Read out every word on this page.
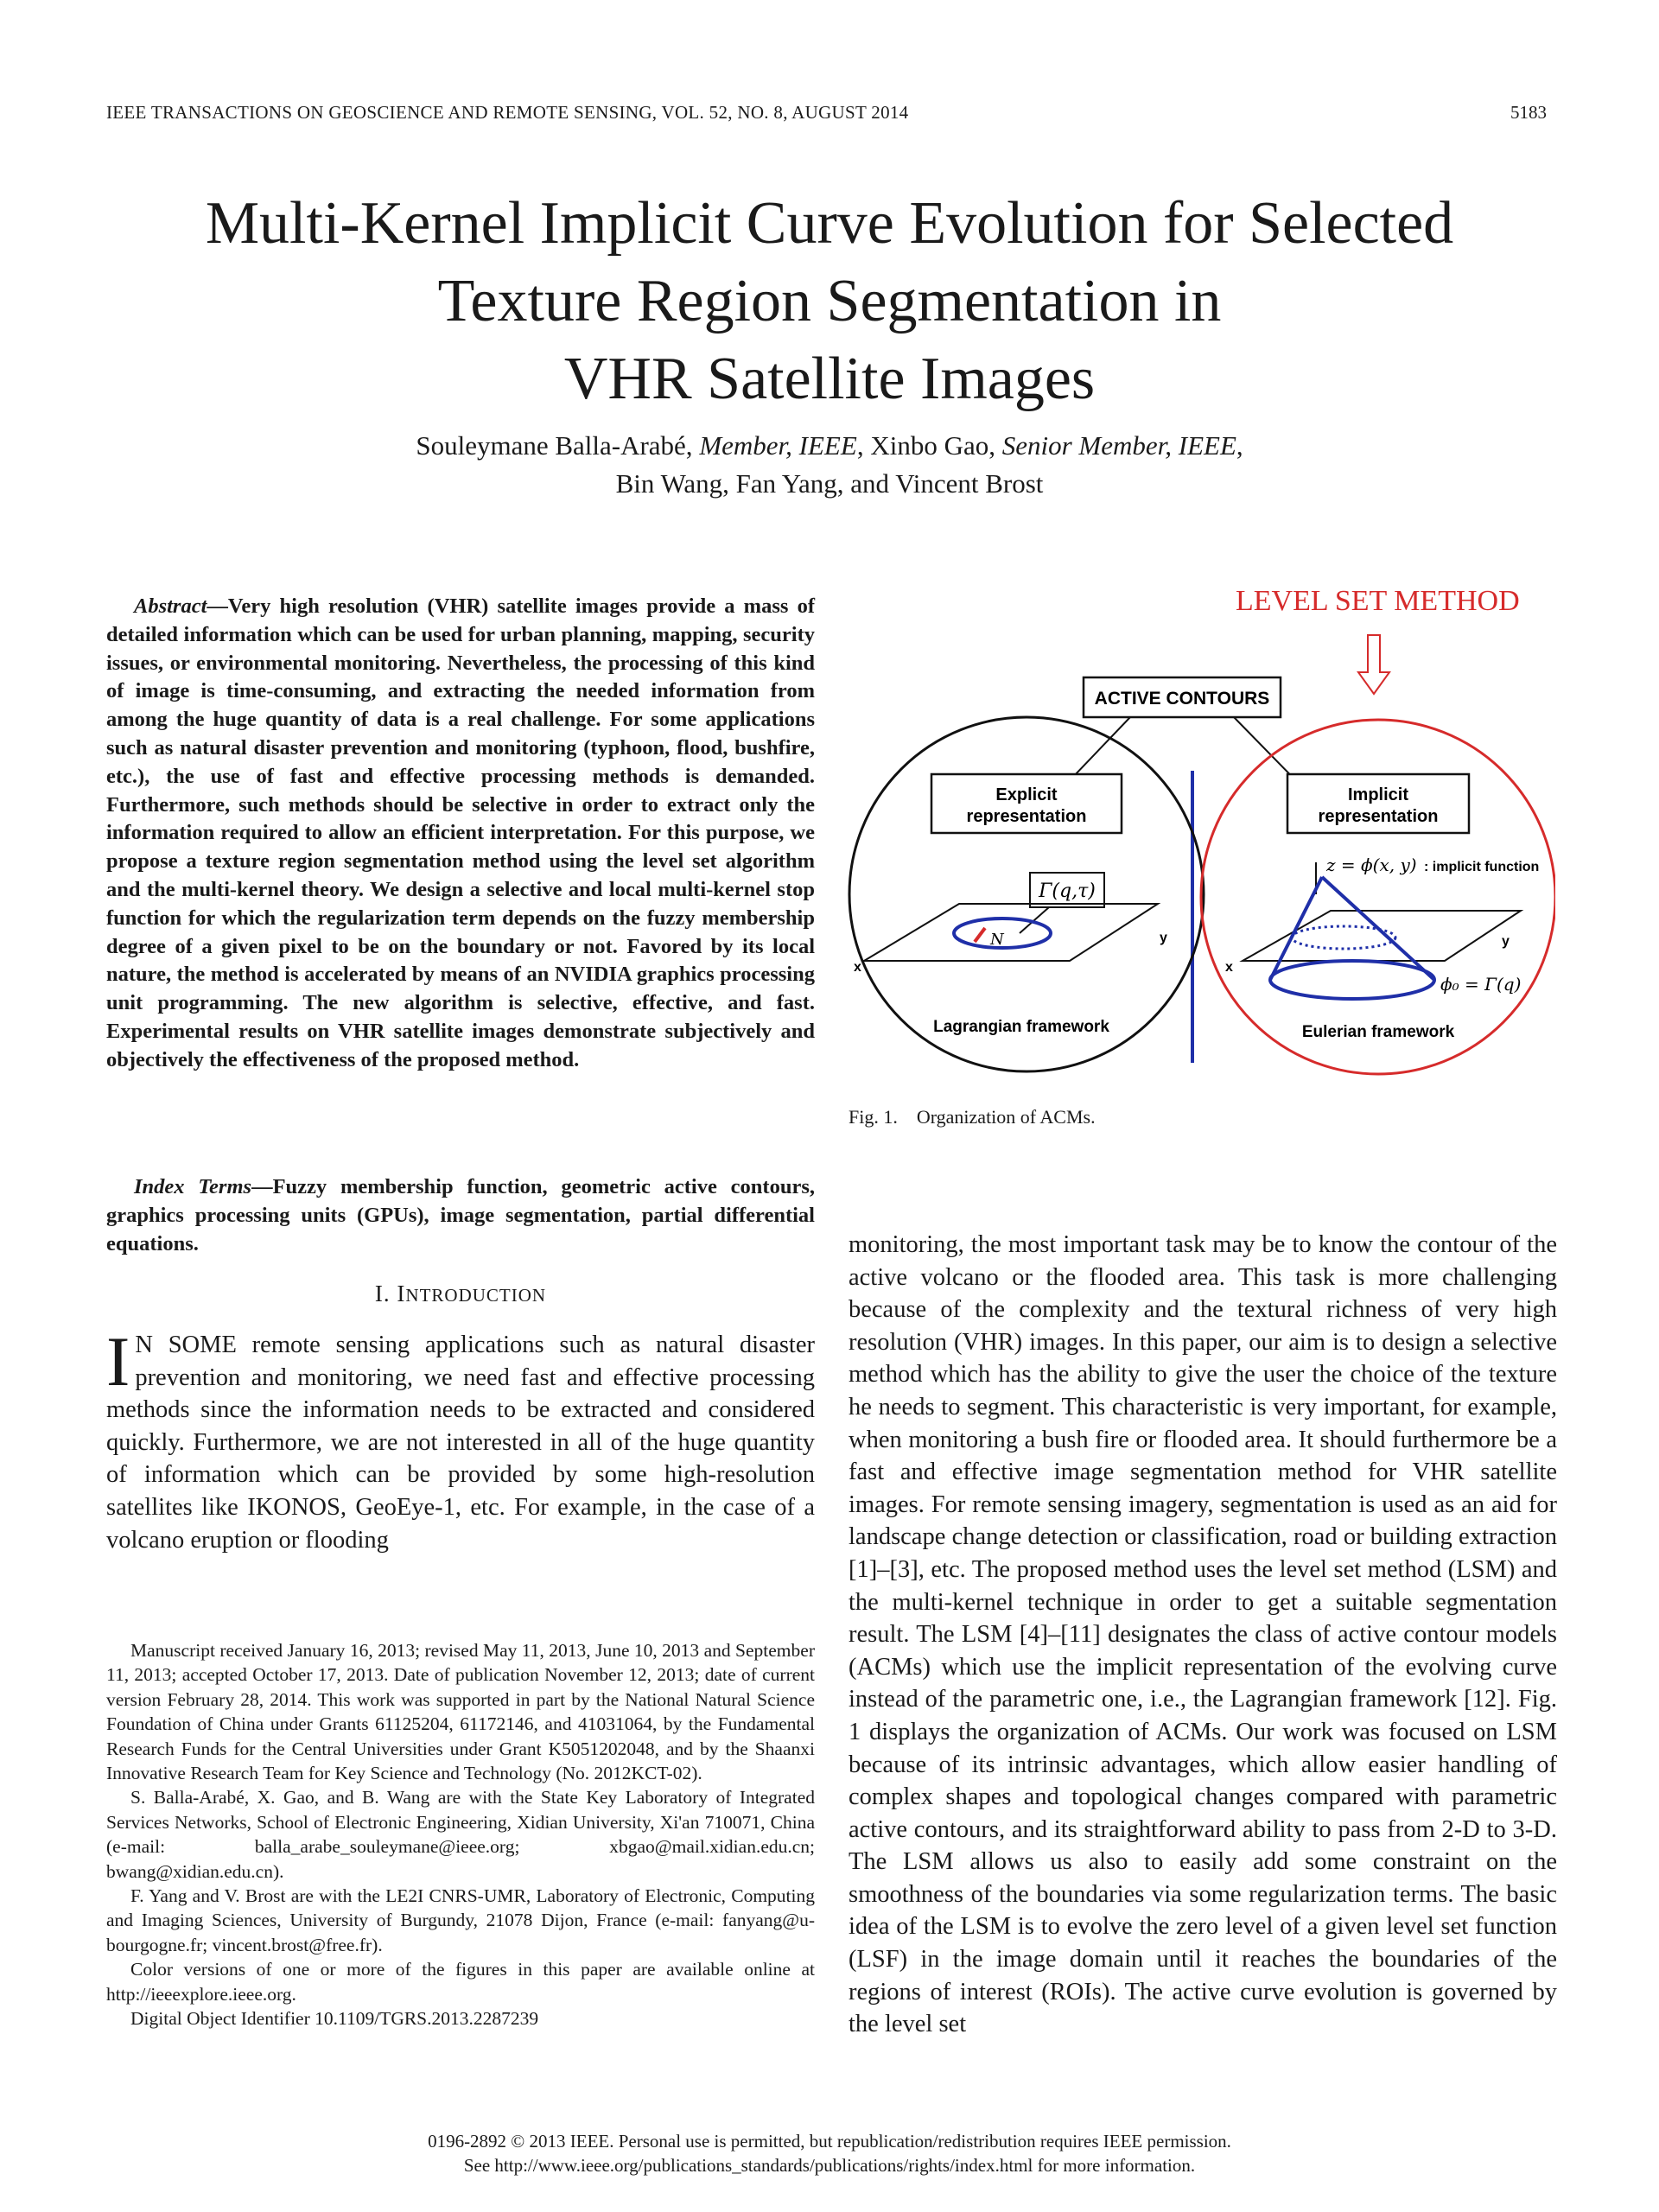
IEEE TRANSACTIONS ON GEOSCIENCE AND REMOTE SENSING, VOL. 52, NO. 8, AUGUST 2014	5183
Multi-Kernel Implicit Curve Evolution for Selected
Texture Region Segmentation in
VHR Satellite Images
Souleymane Balla-Arabé, Member, IEEE, Xinbo Gao, Senior Member, IEEE,
Bin Wang, Fan Yang, and Vincent Brost
Abstract—Very high resolution (VHR) satellite images provide a mass of detailed information which can be used for urban planning, mapping, security issues, or environmental monitoring. Nevertheless, the processing of this kind of image is time-consuming, and extracting the needed information from among the huge quantity of data is a real challenge. For some applications such as natural disaster prevention and monitoring (typhoon, flood, bushfire, etc.), the use of fast and effective processing methods is demanded. Furthermore, such methods should be selective in order to extract only the information required to allow an efficient interpretation. For this purpose, we propose a texture region segmentation method using the level set algorithm and the multi-kernel theory. We design a selective and local multi-kernel stop function for which the regularization term depends on the fuzzy membership degree of a given pixel to be on the boundary or not. Favored by its local nature, the method is accelerated by means of an NVIDIA graphics processing unit programming. The new algorithm is selective, effective, and fast. Experimental results on VHR satellite images demonstrate subjectively and objectively the effectiveness of the proposed method.
Index Terms—Fuzzy membership function, geometric active contours, graphics processing units (GPUs), image segmentation, partial differential equations.
I. INTRODUCTION
I N SOME remote sensing applications such as natural disaster prevention and monitoring, we need fast and effective processing methods since the information needs to be extracted and considered quickly. Furthermore, we are not interested in all of the huge quantity of information which can be provided by some high-resolution satellites like IKONOS, GeoEye-1, etc. For example, in the case of a volcano eruption or flooding

Manuscript received January 16, 2013; revised May 11, 2013, June 10, 2013 and September 11, 2013; accepted October 17, 2013. Date of publication November 12, 2013; date of current version February 28, 2014. This work was supported in part by the National Natural Science Foundation of China under Grants 61125204, 61172146, and 41031064, by the Fundamental Research Funds for the Central Universities under Grant K5051202048, and by the Shaanxi Innovative Research Team for Key Science and Technology (No. 2012KCT-02).

S. Balla-Arabé, X. Gao, and B. Wang are with the State Key Laboratory of Integrated Services Networks, School of Electronic Engineering, Xidian University, Xi'an 710071, China (e-mail: balla_arabe_souleymane@ieee.org; xbgao@mail.xidian.edu.cn; bwang@xidian.edu.cn).

F. Yang and V. Brost are with the LE2I CNRS-UMR, Laboratory of Electronic, Computing and Imaging Sciences, University of Burgundy, 21078 Dijon, France (e-mail: fanyang@u-bourgogne.fr; vincent.brost@free.fr).

Color versions of one or more of the figures in this paper are available online at http://ieeexplore.ieee.org.

Digital Object Identifier 10.1109/TGRS.2013.2287239

LEVEL SET METHOD
ACTIVE CONTOURS
Explicit
representation
Γ(q,τ)
N
x
y
Lagrangian framework
Implicit
representation
z = ϕ(x, y) : implicit function
x
y
ϕ₀ = Γ(q)
Eulerian framework
Fig. 1.    Organization of ACMs.
monitoring, the most important task may be to know the contour of the active volcano or the flooded area. This task is more challenging because of the complexity and the textural richness of very high resolution (VHR) images. In this paper, our aim is to design a selective method which has the ability to give the user the choice of the texture he needs to segment. This characteristic is very important, for example, when monitoring a bush fire or flooded area. It should furthermore be a fast and effective image segmentation method for VHR satellite images. For remote sensing imagery, segmentation is used as an aid for landscape change detection or classification, road or building extraction [1]–[3], etc. The proposed method uses the level set method (LSM) and the multi-kernel technique in order to get a suitable segmentation result. The LSM [4]–[11] designates the class of active contour models (ACMs) which use the implicit representation of the evolving curve instead of the parametric one, i.e., the Lagrangian framework [12]. Fig. 1 displays the organization of ACMs. Our work was focused on LSM because of its intrinsic advantages, which allow easier handling of complex shapes and topological changes compared with parametric active contours, and its straightforward ability to pass from 2-D to 3-D. The LSM allows us also to easily add some constraint on the smoothness of the boundaries via some regularization terms. The basic idea of the LSM is to evolve the zero level of a given level set function (LSF) in the image domain until it reaches the boundaries of the regions of interest (ROIs). The active curve evolution is governed by the level set
0196-2892 © 2013 IEEE. Personal use is permitted, but republication/redistribution requires IEEE permission.
See http://www.ieee.org/publications_standards/publications/rights/index.html for more information.
